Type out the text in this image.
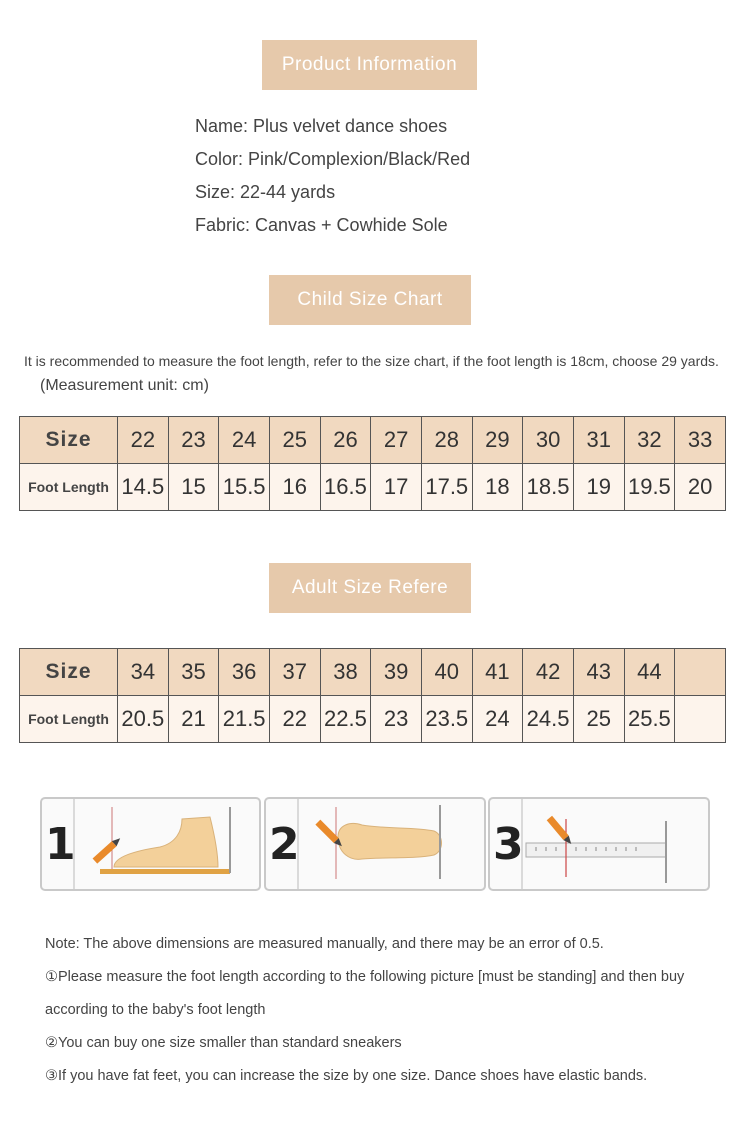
Product Information
Name: Plus velvet dance shoes
Color: Pink/Complexion/Black/Red
Size: 22-44 yards
Fabric: Canvas + Cowhide Sole
Child Size Chart
It is recommended to measure the foot length, refer to the size chart, if the foot length is 18cm, choose 29 yards. (Measurement unit: cm)
Size	22	23	24	25	26	27	28	29	30	31	32	33
Foot Length	14.5	15	15.5	16	16.5	17	17.5	18	18.5	19	19.5	20
Adult Size Refere
Size	34	35	36	37	38	39	40	41	42	43	44	
Foot Length	20.5	21	21.5	22	22.5	23	23.5	24	24.5	25	25.5	
1	2	3
Note: The above dimensions are measured manually, and there may be an error of 0.5.
①Please measure the foot length according to the following picture [must be standing] and then buy
according to the baby's foot length
②You can buy one size smaller than standard sneakers
③If you have fat feet, you can increase the size by one size. Dance shoes have elastic bands.
